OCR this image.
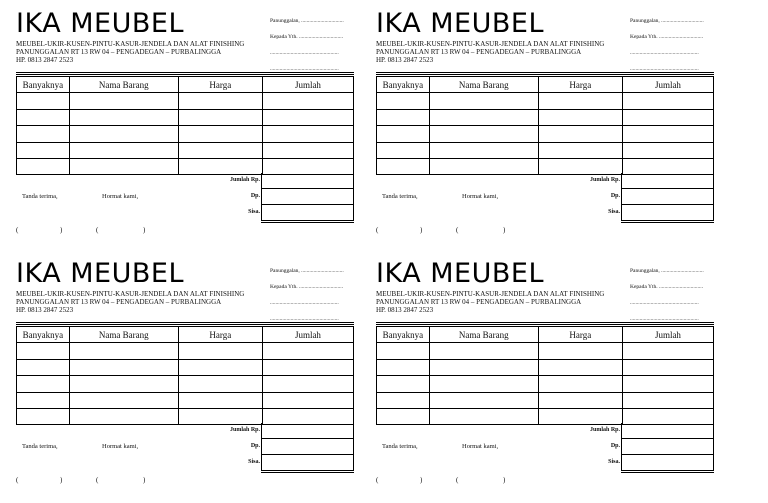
IKA MEUBEL
MEUBEL-UKIR-KUSEN-PINTU-KASUR-JENDELA DAN ALAT FINISHING
PANUNGGALAN RT 13 RW 04 – PENGADEGAN – PURBALINGGA
HP. 0813 2847 2523
Panunggalan, ...............................
Kepada Yth. ................................
..................................................
..................................................
Banyaknya	Nama Barang	Harga	Jumlah

Jumlah Rp.
Dp.
Sisa.
Tanda terima,	Hormat kami,
(	)	(	)
IKA MEUBEL
MEUBEL-UKIR-KUSEN-PINTU-KASUR-JENDELA DAN ALAT FINISHING
PANUNGGALAN RT 13 RW 04 – PENGADEGAN – PURBALINGGA
HP. 0813 2847 2523
Panunggalan, ...............................
Kepada Yth. ................................
..................................................
..................................................
Banyaknya	Nama Barang	Harga	Jumlah

Jumlah Rp.
Dp.
Sisa.
Tanda terima,	Hormat kami,
(	)	(	)
IKA MEUBEL
MEUBEL-UKIR-KUSEN-PINTU-KASUR-JENDELA DAN ALAT FINISHING
PANUNGGALAN RT 13 RW 04 – PENGADEGAN – PURBALINGGA
HP. 0813 2847 2523
Panunggalan, ...............................
Kepada Yth. ................................
..................................................
..................................................
Banyaknya	Nama Barang	Harga	Jumlah

Jumlah Rp.
Dp.
Sisa.
Tanda terima,	Hormat kami,
(	)	(	)
IKA MEUBEL
MEUBEL-UKIR-KUSEN-PINTU-KASUR-JENDELA DAN ALAT FINISHING
PANUNGGALAN RT 13 RW 04 – PENGADEGAN – PURBALINGGA
HP. 0813 2847 2523
Panunggalan, ...............................
Kepada Yth. ................................
..................................................
..................................................
Banyaknya	Nama Barang	Harga	Jumlah

Jumlah Rp.
Dp.
Sisa.
Tanda terima,	Hormat kami,
(	)	(	)
